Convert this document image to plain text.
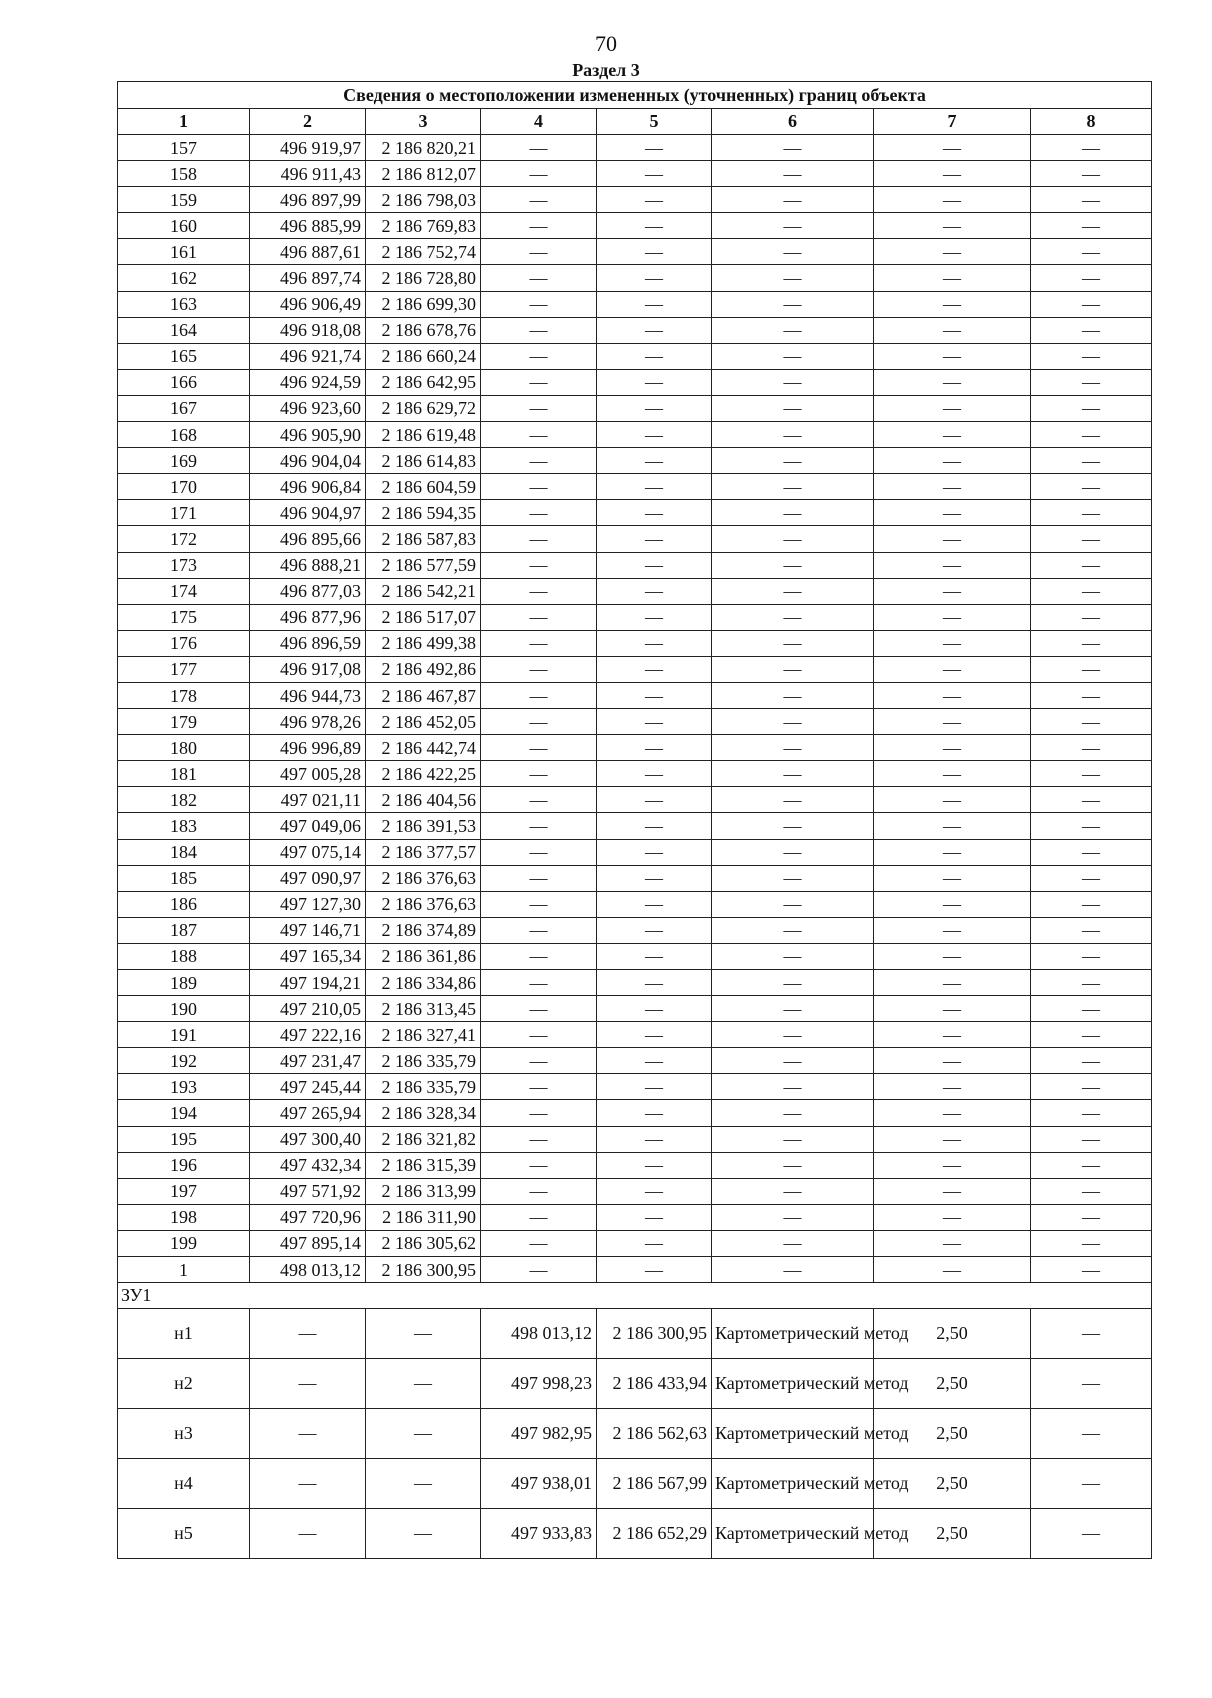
70
Раздел 3
Сведения о местоположении измененных (уточненных) границ объекта							
1	2	3	4	5	6	7	8
157	496 919,97	2 186 820,21	—	—	—	—	—
158	496 911,43	2 186 812,07	—	—	—	—	—
159	496 897,99	2 186 798,03	—	—	—	—	—
160	496 885,99	2 186 769,83	—	—	—	—	—
161	496 887,61	2 186 752,74	—	—	—	—	—
162	496 897,74	2 186 728,80	—	—	—	—	—
163	496 906,49	2 186 699,30	—	—	—	—	—
164	496 918,08	2 186 678,76	—	—	—	—	—
165	496 921,74	2 186 660,24	—	—	—	—	—
166	496 924,59	2 186 642,95	—	—	—	—	—
167	496 923,60	2 186 629,72	—	—	—	—	—
168	496 905,90	2 186 619,48	—	—	—	—	—
169	496 904,04	2 186 614,83	—	—	—	—	—
170	496 906,84	2 186 604,59	—	—	—	—	—
171	496 904,97	2 186 594,35	—	—	—	—	—
172	496 895,66	2 186 587,83	—	—	—	—	—
173	496 888,21	2 186 577,59	—	—	—	—	—
174	496 877,03	2 186 542,21	—	—	—	—	—
175	496 877,96	2 186 517,07	—	—	—	—	—
176	496 896,59	2 186 499,38	—	—	—	—	—
177	496 917,08	2 186 492,86	—	—	—	—	—
178	496 944,73	2 186 467,87	—	—	—	—	—
179	496 978,26	2 186 452,05	—	—	—	—	—
180	496 996,89	2 186 442,74	—	—	—	—	—
181	497 005,28	2 186 422,25	—	—	—	—	—
182	497 021,11	2 186 404,56	—	—	—	—	—
183	497 049,06	2 186 391,53	—	—	—	—	—
184	497 075,14	2 186 377,57	—	—	—	—	—
185	497 090,97	2 186 376,63	—	—	—	—	—
186	497 127,30	2 186 376,63	—	—	—	—	—
187	497 146,71	2 186 374,89	—	—	—	—	—
188	497 165,34	2 186 361,86	—	—	—	—	—
189	497 194,21	2 186 334,86	—	—	—	—	—
190	497 210,05	2 186 313,45	—	—	—	—	—
191	497 222,16	2 186 327,41	—	—	—	—	—
192	497 231,47	2 186 335,79	—	—	—	—	—
193	497 245,44	2 186 335,79	—	—	—	—	—
194	497 265,94	2 186 328,34	—	—	—	—	—
195	497 300,40	2 186 321,82	—	—	—	—	—
196	497 432,34	2 186 315,39	—	—	—	—	—
197	497 571,92	2 186 313,99	—	—	—	—	—
198	497 720,96	2 186 311,90	—	—	—	—	—
199	497 895,14	2 186 305,62	—	—	—	—	—
1	498 013,12	2 186 300,95	—	—	—	—	—
ЗУ1							
н1	—	—	498 013,12	2 186 300,95	Картометрический метод	2,50	—
н2	—	—	497 998,23	2 186 433,94	Картометрический метод	2,50	—
н3	—	—	497 982,95	2 186 562,63	Картометрический метод	2,50	—
н4	—	—	497 938,01	2 186 567,99	Картометрический метод	2,50	—
н5	—	—	497 933,83	2 186 652,29	Картометрический метод	2,50	—
